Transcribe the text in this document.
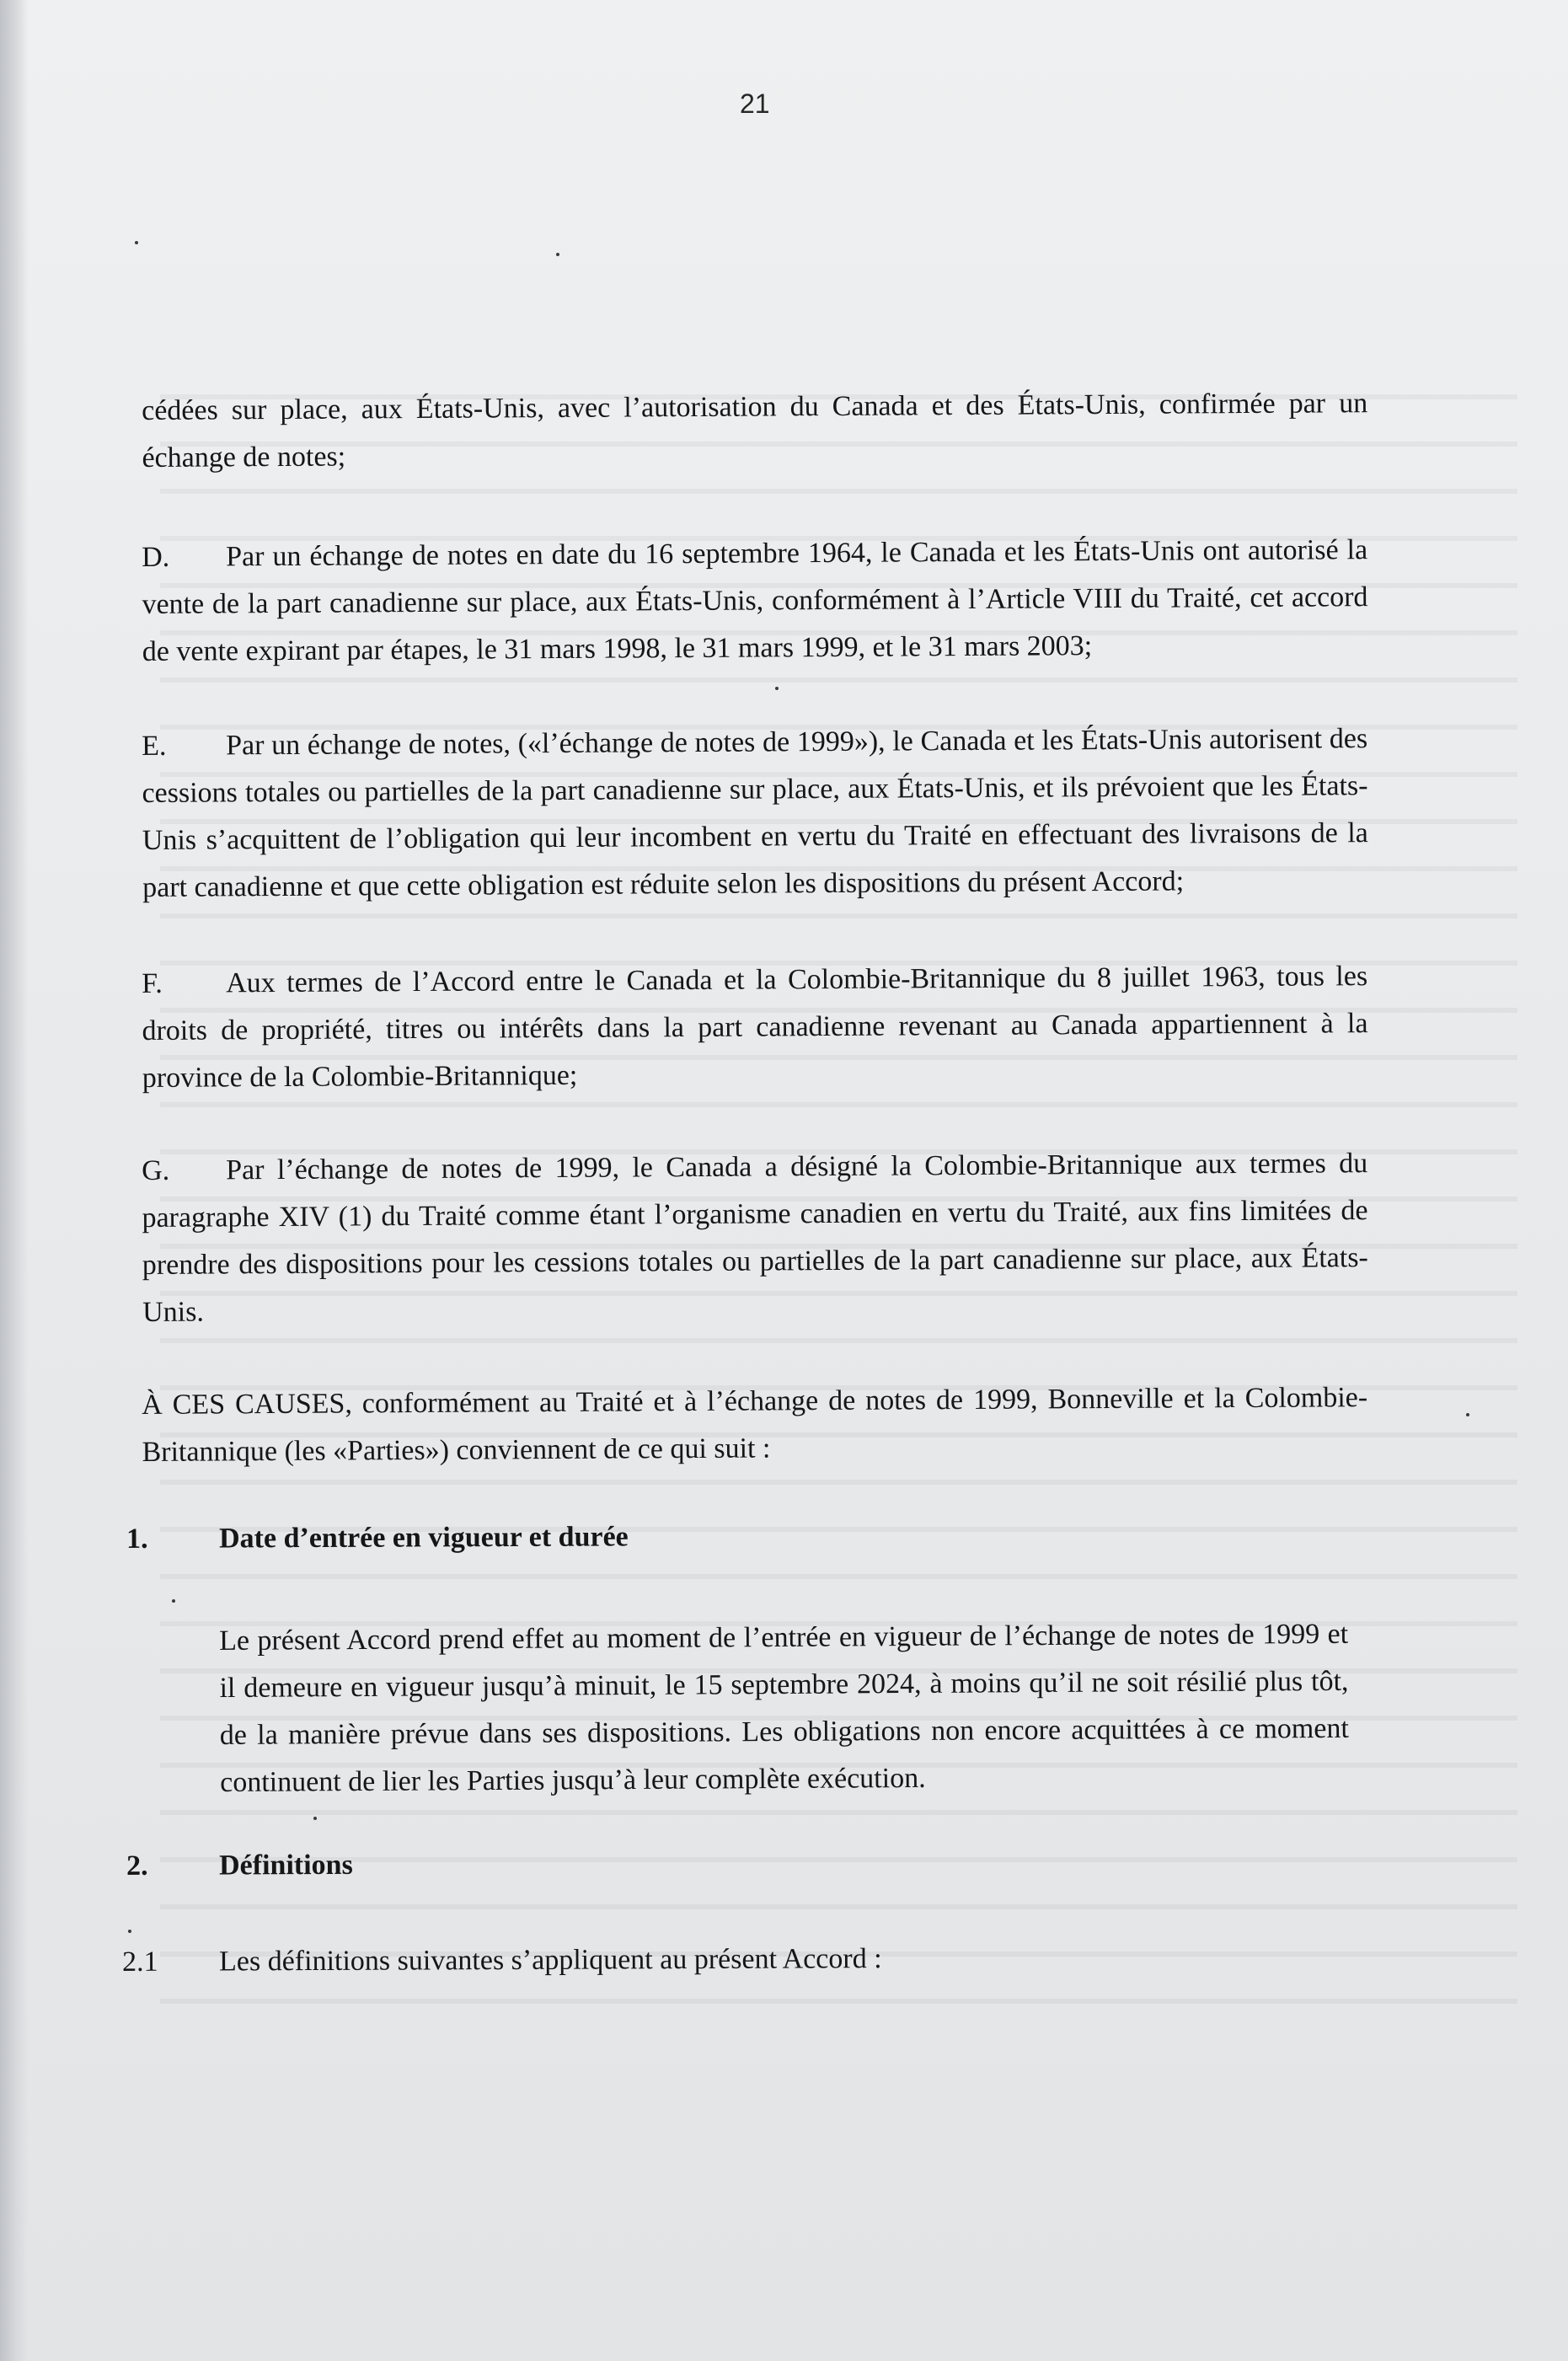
21

cédées sur place, aux États-Unis, avec l’autorisation du Canada et des États-Unis, confirmée par un échange de notes;

D. Par un échange de notes en date du 16 septembre 1964, le Canada et les États-Unis ont autorisé la vente de la part canadienne sur place, aux États-Unis, conformément à l’Article VIII du Traité, cet accord de vente expirant par étapes, le 31 mars 1998, le 31 mars 1999, et le 31 mars 2003;

E. Par un échange de notes, («l’échange de notes de 1999»), le Canada et les États-Unis autorisent des cessions totales ou partielles de la part canadienne sur place, aux États-Unis, et ils prévoient que les États-Unis s’acquittent de l’obligation qui leur incombent en vertu du Traité en effectuant des livraisons de la part canadienne et que cette obligation est réduite selon les dispositions du présent Accord;

F. Aux termes de l’Accord entre le Canada et la Colombie-Britannique du 8 juillet 1963, tous les droits de propriété, titres ou intérêts dans la part canadienne revenant au Canada appartiennent à la province de la Colombie-Britannique;

G. Par l’échange de notes de 1999, le Canada a désigné la Colombie-Britannique aux termes du paragraphe XIV (1) du Traité comme étant l’organisme canadien en vertu du Traité, aux fins limitées de prendre des dispositions pour les cessions totales ou partielles de la part canadienne sur place, aux États-Unis.

À CES CAUSES, conformément au Traité et à l’échange de notes de 1999, Bonneville et la Colombie-Britannique (les «Parties») conviennent de ce qui suit :

1. Date d’entrée en vigueur et durée

Le présent Accord prend effet au moment de l’entrée en vigueur de l’échange de notes de 1999 et il demeure en vigueur jusqu’à minuit, le 15 septembre 2024, à moins qu’il ne soit résilié plus tôt, de la manière prévue dans ses dispositions. Les obligations non encore acquittées à ce moment continuent de lier les Parties jusqu’à leur complète exécution.

2. Définitions
2.1 Les définitions suivantes s’appliquent au présent Accord :
